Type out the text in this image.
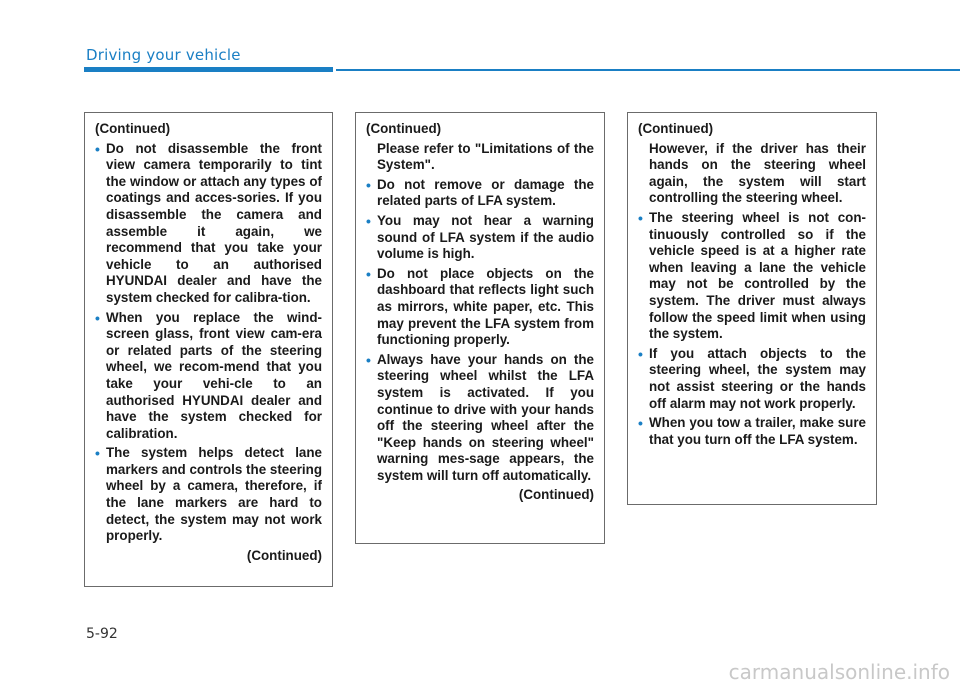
Driving your vehicle
(Continued)
• Do not disassemble the front view camera temporarily to tint the window or attach any types of coatings and acces-sories. If you disassemble the camera and assemble it again, we recommend that you take your vehicle to an authorised HYUNDAI dealer and have the system checked for calibra-tion.
• When you replace the wind-screen glass, front view cam-era or related parts of the steering wheel, we recom-mend that you take your vehi-cle to an authorised HYUNDAI dealer and have the system checked for calibration.
• The system helps detect lane markers and controls the steering wheel by a camera, therefore, if the lane markers are hard to detect, the system may not work properly.
(Continued)
(Continued)
Please refer to "Limitations of the System".
• Do not remove or damage the related parts of LFA system.
• You may not hear a warning sound of LFA system if the audio volume is high.
• Do not place objects on the dashboard that reflects light such as mirrors, white paper, etc. This may prevent the LFA system from functioning properly.
• Always have your hands on the steering wheel whilst the LFA system is activated. If you continue to drive with your hands off the steering wheel after the "Keep hands on steering wheel" warning mes-sage appears, the system will turn off automatically.
(Continued)
(Continued)
However, if the driver has their hands on the steering wheel again, the system will start controlling the steering wheel.
• The steering wheel is not con-tinuously controlled so if the vehicle speed is at a higher rate when leaving a lane the vehicle may not be controlled by the system. The driver must always follow the speed limit when using the system.
• If you attach objects to the steering wheel, the system may not assist steering or the hands off alarm may not work properly.
• When you tow a trailer, make sure that you turn off the LFA system.
5-92
carmanualsonline.info
